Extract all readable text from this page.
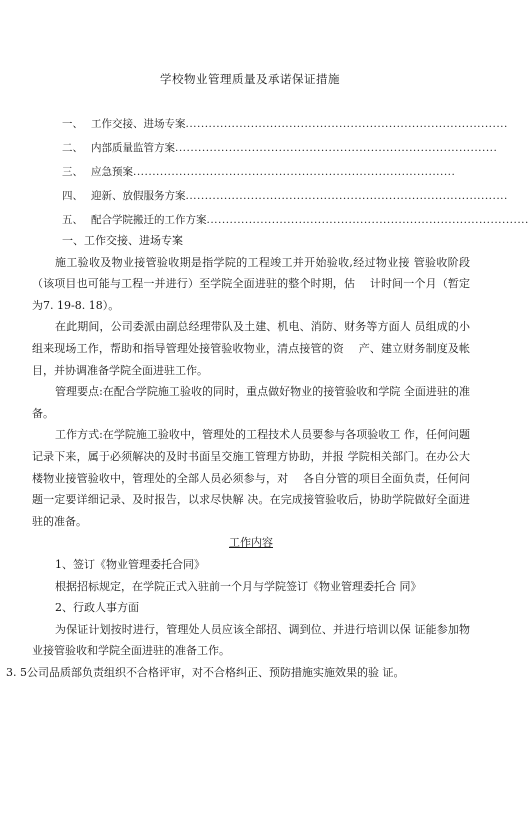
学校物业管理质量及承诺保证措施
一、 工作交接、进场专案 ....................................................................................
二、 内部质量监管方案 ....................................................................................
三、 应急预案 ....................................................................................
四、 迎新、放假服务方案 ....................................................................................
五、 配合学院搬迁的工作方案 ....................................................................................

一、工作交接、进场专案

施工验收及物业接管验收期是指学院的工程竣工并开始验收,经过物业接 管验收阶段（该项目也可能与工程一并进行）至学院全面进驻的整个时期，估　 计时间一个月（暂定为7. 19-8. 18）。

在此期间，公司委派由副总经理带队及土建、机电、消防、财务等方面人 员组成的小组来现场工作，帮助和指导管理处接管验收物业，清点接管的资　 产、建立财务制度及帐目，并协调准备学院全面进驻工作。

管理要点:在配合学院施工验收的同时，重点做好物业的接管验收和学院 全面进驻的准备。

工作方式:在学院施工验收中，管理处的工程技术人员要参与各项验收工 作，任何问题记录下来，属于必须解决的及时书面呈交施工管理方协助，并报 学院相关部门。在办公大楼物业接管验收中，管理处的全部人员必须参与，对　 各自分管的项目全面负责，任何问题一定要详细记录、及时报告，以求尽快解 决。在完成接管验收后，协助学院做好全面进驻的准备。

工作内容

1、签订《物业管理委托合同》

根据招标规定，在学院正式入驻前一个月与学院签订《物业管理委托合 同》

2、行政人事方面

为保证计划按时进行，管理处人员应该全部招、调到位、并进行培训以保 证能参加物业接管验收和学院全面进驻的准备工作。

3. 5公司品质部负责组织不合格评审，对不合格纠正、预防措施实施效果的验 证。
